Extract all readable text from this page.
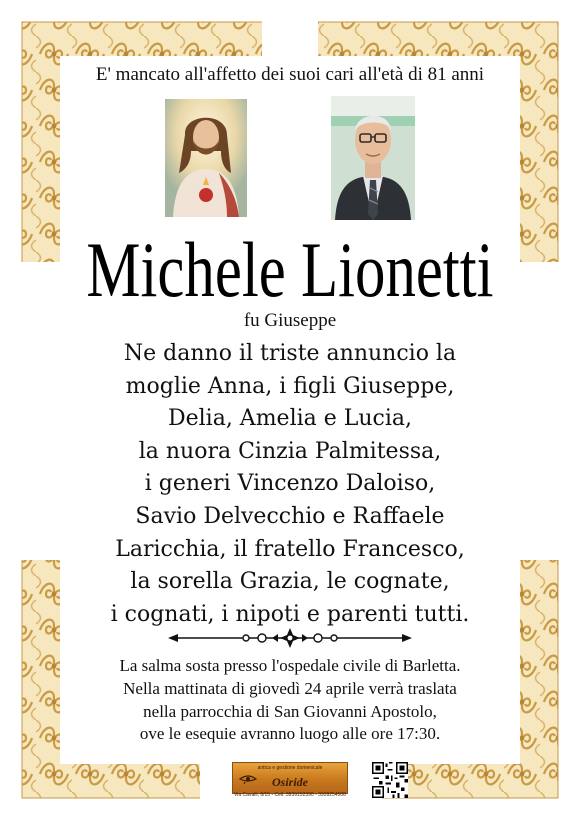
E' mancato all'affetto dei suoi cari all'età di 81 anni
Michele Lionetti
fu Giuseppe
Ne danno il triste annuncio la
moglie Anna, i figli Giuseppe,
Delia, Amelia e Lucia,
la nuora Cinzia Palmitessa,
i generi Vincenzo Daloiso,
Savio Delvecchio e Raffaele
Laricchia, il fratello Francesco,
la sorella Grazia, le cognate,
i cognati, i nipoti e parenti tutti.
La salma sosta presso l'ospedale civile di Barletta.
Nella mattinata di giovedì 24 aprile verrà traslata
nella parrocchia di San Giovanni Apostolo,
ove le esequie avranno luogo alle ore 17:30.
antica e gestione domenicale
Osiride
Via Cavalli, 8/15 - Cell. 3939152390 - 3939254508
